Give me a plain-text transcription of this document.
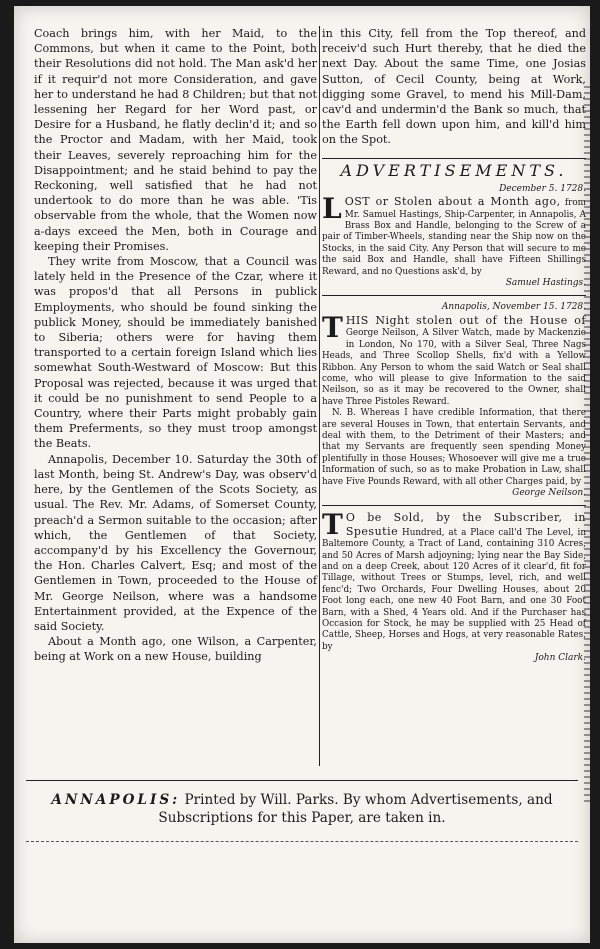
Coach brings him, with her Maid, to the Commons, but when it came to the Point, both their Resolutions did not hold. The Man ask'd her if it requir'd not more Consideration, and gave her to understand he had 8 Children; but that not lessening her Regard for her Word past, or Desire for a Husband, he flatly declin'd it; and so the Proctor and Madam, with her Maid, took their Leaves, severely reproaching him for the Disappointment; and he staid behind to pay the Reckoning, well satisfied that he had not undertook to do more than he was able. 'Tis observable from the whole, that the Women now a-days exceed the Men, both in Courage and keeping their Promises.

They write from Moscow, that a Council was lately held in the Presence of the Czar, where it was propos'd that all Persons in publick Employments, who should be found sinking the publick Money, should be immediately banished to Siberia; others were for having them transported to a certain foreign Island which lies somewhat South-Westward of Moscow: But this Proposal was rejected, because it was urged that it could be no punishment to send People to a Country, where their Parts might probably gain them Preferments, so they must troop amongst the Beats.

Annapolis, December 10. Saturday the 30th of last Month, being St. Andrew's Day, was observ'd here, by the Gentlemen of the Scots Society, as usual. The Rev. Mr. Adams, of Somerset County, preach'd a Sermon suitable to the occasion; after which, the Gentlemen of that Society, accompany'd by his Excellency the Governour, the Hon. Charles Calvert, Esq; and most of the Gentlemen in Town, proceeded to the House of Mr. George Neilson, where was a handsome Entertainment provided, at the Expence of the said Society.

About a Month ago, one Wilson, a Carpenter, being at Work on a new House, building

in this City, fell from the Top thereof, and receiv'd such Hurt thereby, that he died the next Day. About the same Time, one Josias Sutton, of Cecil County, being at Work, digging some Gravel, to mend his Mill-Dam, cav'd and undermin'd the Bank so much, that the Earth fell down upon him, and kill'd him on the Spot.

ADVERTISEMENTS.
December 5. 1728.
L OST or Stolen about a Month ago, from Mr. Samuel Hastings, Ship-Carpenter, in Annapolis, A Brass Box and Handle, belonging to the Screw of a pair of Timber-Wheels, standing near the Ship now on the Stocks, in the said City. Any Person that will secure to me the said Box and Handle, shall have Fifteen Shillings Reward, and no Questions ask'd, by
Samuel Hastings.
Annapolis, November 15. 1728.
T HIS Night stolen out of the House of George Neilson, A Silver Watch, made by Mackenzie in London, No 170, with a Silver Seal, Three Nags Heads, and Three Scollop Shells, fix'd with a Yellow Ribbon. Any Person to whom the said Watch or Seal shall come, who will please to give Information to the said Neilson, so as it may be recovered to the Owner, shall have Three Pistoles Reward.

N. B. Whereas I have credible Information, that there are several Houses in Town, that entertain Servants, and deal with them, to the Detriment of their Masters; and that my Servants are frequently seen spending Money plentifully in those Houses; Whosoever will give me a true Information of such, so as to make Probation in Law, shall have Five Pounds Reward, with all other Charges paid, by

George Neilson.
T O be Sold, by the Subscriber, in Spesutie Hundred, at a Place call'd The Level, in Baltemore County, a Tract of Land, containing 310 Acres, and 50 Acres of Marsh adjoyning; lying near the Bay Side, and on a deep Creek, about 120 Acres of it clear'd, fit for Tillage, without Trees or Stumps, level, rich, and well fenc'd; Two Orchards, Four Dwelling Houses, about 20 Foot long each, one new 40 Foot Barn, and one 30 Foot Barn, with a Shed, 4 Years old. And if the Purchaser has Occasion for Stock, he may be supplied with 25 Head of Cattle, Sheep, Horses and Hogs, at very reasonable Rates, by
John Clark.
ANNAPOLIS: Printed by Will. Parks. By whom Advertisements, and Subscriptions for this Paper, are taken in.
